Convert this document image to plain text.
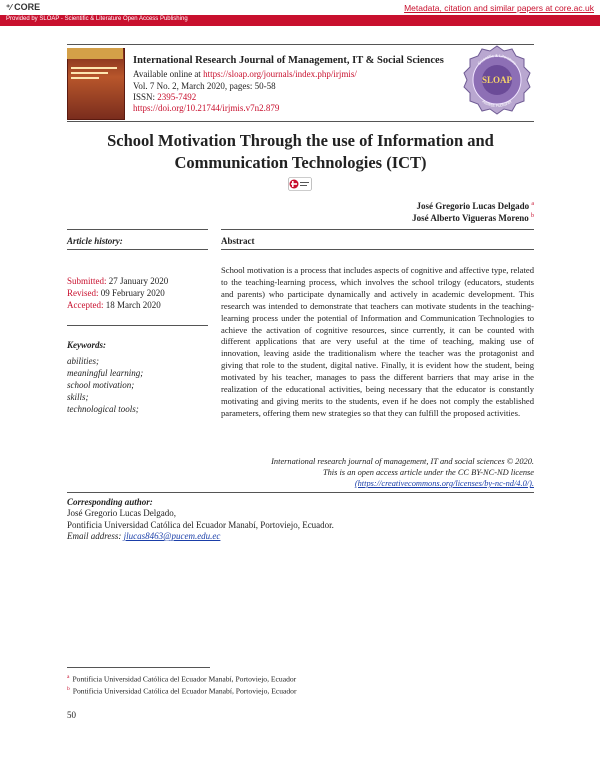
⁺⁄ CORE	Metadata, citation and similar papers at core.ac.uk
Provided by SLOAP - Scientific & Literature Open Access Publishing
International Research Journal of Management, IT & Social Sciences
Available online at https://sloap.org/journals/index.php/irjmis/
Vol. 7 No. 2, March 2020, pages: 50-58
ISSN: 2395-7492
https://doi.org/10.21744/irjmis.v7n2.879
Scientific & Literature
Access Publisher
SLOAP
School Motivation Through the use of Information and
Communication Technologies (ICT)
José Gregorio Lucas Delgado $^a$
José Alberto Vigueras Moreno $^b$
Article history:
Submitted: 27 January 2020
Revised: 09 February 2020
Accepted: 18 March 2020
Keywords:
abilities;
meaningful learning;
school motivation;
skills;
technological tools;
Abstract
School motivation is a process that includes aspects of cognitive and affective type, related to the teaching-learning process, which involves the school trilogy (educators, students and parents) who participate dynamically and actively in academic development. This research was intended to demonstrate that teachers can motivate students in the teaching-learning process under the potential of Information and Communication Technologies to achieve the activation of cognitive resources, since currently, it can be counted with different applications that are very useful at the time of teaching, making use of innovation, leaving aside the traditionalism where the teacher was the protagonist and giving that role to the student, digital native. Finally, it is evident how the student, being motivated by his teacher, manages to pass the different barriers that may arise in the realization of the educational activities, being necessary that the educator is constantly motivating and giving merits to the students, even if he does not comply the established parameters, offering them new strategies so that they can fulfill the proposed activities.
International research journal of management, IT and social sciences © 2020.
This is an open access article under the CC BY-NC-ND license
(https://creativecommons.org/licenses/by-nc-nd/4.0/).
Corresponding author:
José Gregorio Lucas Delgado,
Pontificia Universidad Católica del Ecuador Manabí, Portoviejo, Ecuador.
Email address: jlucas8463@pucem.edu.ec
$^a$ Pontificia Universidad Católica del Ecuador Manabí, Portoviejo, Ecuador
$^b$ Pontificia Universidad Católica del Ecuador Manabí, Portoviejo, Ecuador
50
